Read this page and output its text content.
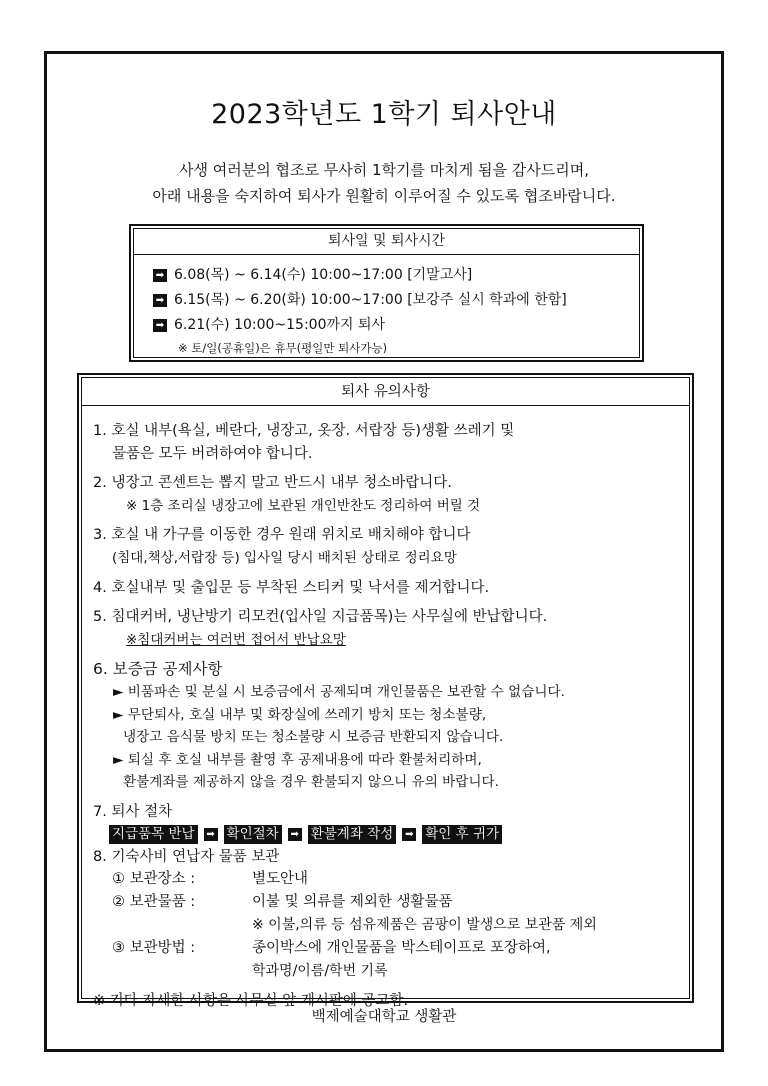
2023학년도 1학기 퇴사안내
사생 여러분의 협조로 무사히 1학기를 마치게 됨을 감사드리며,
아래 내용을 숙지하여 퇴사가 원활히 이루어질 수 있도록 협조바랍니다.
퇴사일 및 퇴사시간
➡ 6.08(목) ~ 6.14(수) 10:00~17:00 [기말고사]
➡ 6.15(목) ~ 6.20(화) 10:00~17:00 [보강주 실시 학과에 한함]
➡ 6.21(수) 10:00~15:00까지 퇴사
※ 토/일(공휴일)은 휴무(평일만 퇴사가능)
퇴사 유의사항
1. 호실 내부(욕실, 베란다, 냉장고, 옷장. 서랍장 등)생활 쓰레기 및
물품은 모두 버려하여야 합니다.
2. 냉장고 콘센트는 뽑지 말고 반드시 내부 청소바랍니다.
※ 1층 조리실 냉장고에 보관된 개인반찬도 정리하여 버릴 것
3. 호실 내 가구를 이동한 경우 원래 위치로 배치해야 합니다
(침대,책상,서랍장 등) 입사일 당시 배치된 상태로 정리요망
4. 호실내부 및 출입문 등 부착된 스티커 및 낙서를 제거합니다.
5. 침대커버, 냉난방기 리모컨(입사일 지급품목)는 사무실에 반납합니다.
※침대커버는 여러번 접어서 반납요망
6. 보증금 공제사항
► 비품파손 및 분실 시 보증금에서 공제되며 개인물품은 보관할 수 없습니다.
► 무단퇴사, 호실 내부 및 화장실에 쓰레기 방치 또는 청소불량,
냉장고 음식물 방치 또는 청소불량 시 보증금 반환되지 않습니다.
► 퇴실 후 호실 내부를 촬영 후 공제내용에 따라 환불처리하며,
환불계좌를 제공하지 않을 경우 환불되지 않으니 유의 바랍니다.
7. 퇴사 절차
지급품목 반납	➡ 확인절차	➡ 환불계좌 작성	➡ 확인 후 귀가
8. 기숙사비 연납자 물품 보관
① 보관장소 :	별도안내
② 보관물품 :	이불 및 의류를 제외한 생활물품
※ 이불,의류 등 섬유제품은 곰팡이 발생으로 보관품 제외
③ 보관방법 :	종이박스에 개인물품을 박스테이프로 포장하여,
학과명/이름/학번 기록
※ 기타 자세한 사항은 사무실 앞 게시판에 공고함.
백제예술대학교 생활관
